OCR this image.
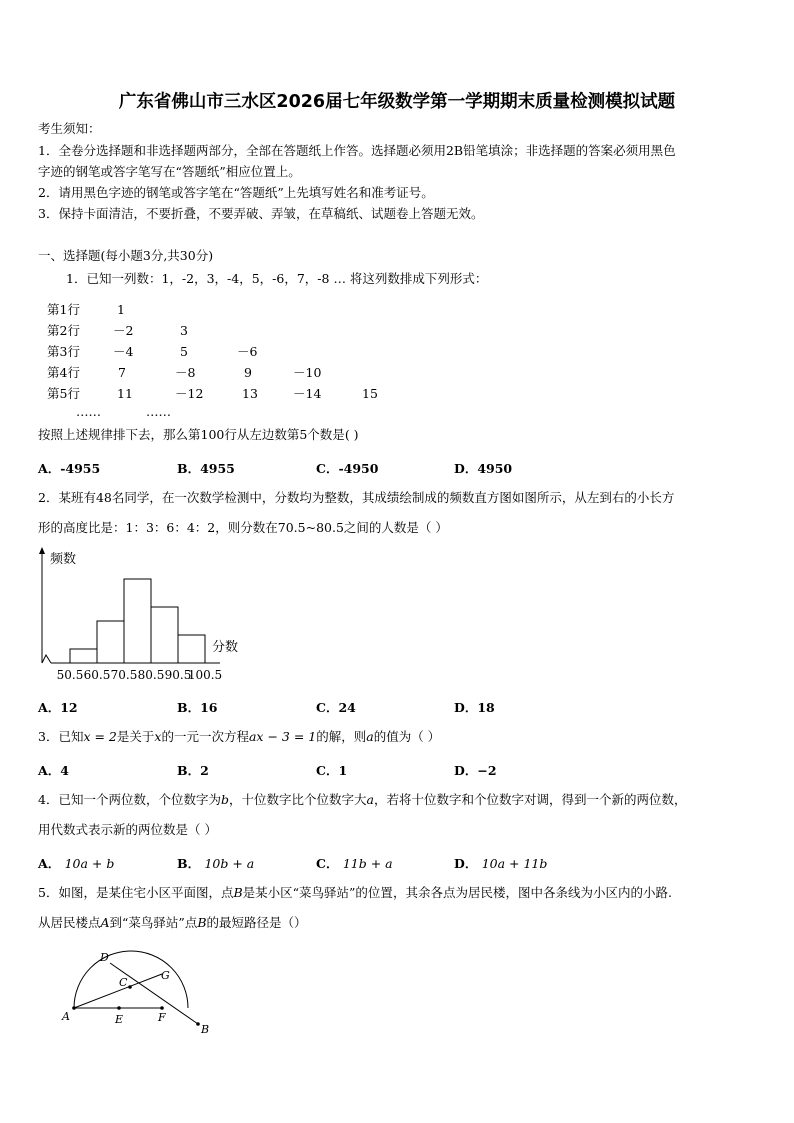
广东省佛山市三水区2026届七年级数学第一学期期末质量检测模拟试题
考生须知：
1．全卷分选择题和非选择题两部分，全部在答题纸上作答。选择题必须用2B铅笔填涂；非选择题的答案必须用黑色
字迹的钢笔或答字笔写在“答题纸”相应位置上。
2．请用黑色字迹的钢笔或答字笔在“答题纸”上先填写姓名和准考证号。
3．保持卡面清洁，不要折叠，不要弄破、弄皱，在草稿纸、试题卷上答题无效。
一、选择题(每小题3分,共30分)
1．已知一列数：1，-2，3，-4，5，-6，7，-8 … 将这列数排成下列形式：
第1行	1
第2行	－2	3
第3行	－4	5	－6
第4行	7	－8	9	－10
第5行	11	－12	13	－14	15
……	……
按照上述规律排下去，那么第100行从左边数第5个数是( )
A．-4955	B．4955	C．-4950	D．4950
2．某班有48名同学，在一次数学检测中，分数均为整数，其成绩绘制成的频数直方图如图所示，从左到右的小长方
形的高度比是：1：3：6：4：2，则分数在70.5~80.5之间的人数是（ ）
频数
分数
50.5 60.5 70.5 80.5 90.5
100.5
A．12	B．16	C．24	D．18
3．已知x = 2是关于x的一元一次方程ax − 3 = 1的解，则a的值为（ ）
A．4	B．2	C．1	D．−2
4．已知一个两位数，个位数字为b，十位数字比个位数字大a，若将十位数字和个位数字对调，得到一个新的两位数，
用代数式表示新的两位数是（ ）
A． 10a + b	B． 10b + a	C． 11b + a	D． 10a + 11b
5．如图，是某住宅小区平面图，点B是某小区“菜鸟驿站”的位置，其余各点为居民楼，图中各条线为小区内的小路.
从居民楼点A到“菜鸟驿站”点B的最短路径是（）
D
C
G
A	E	F
B
